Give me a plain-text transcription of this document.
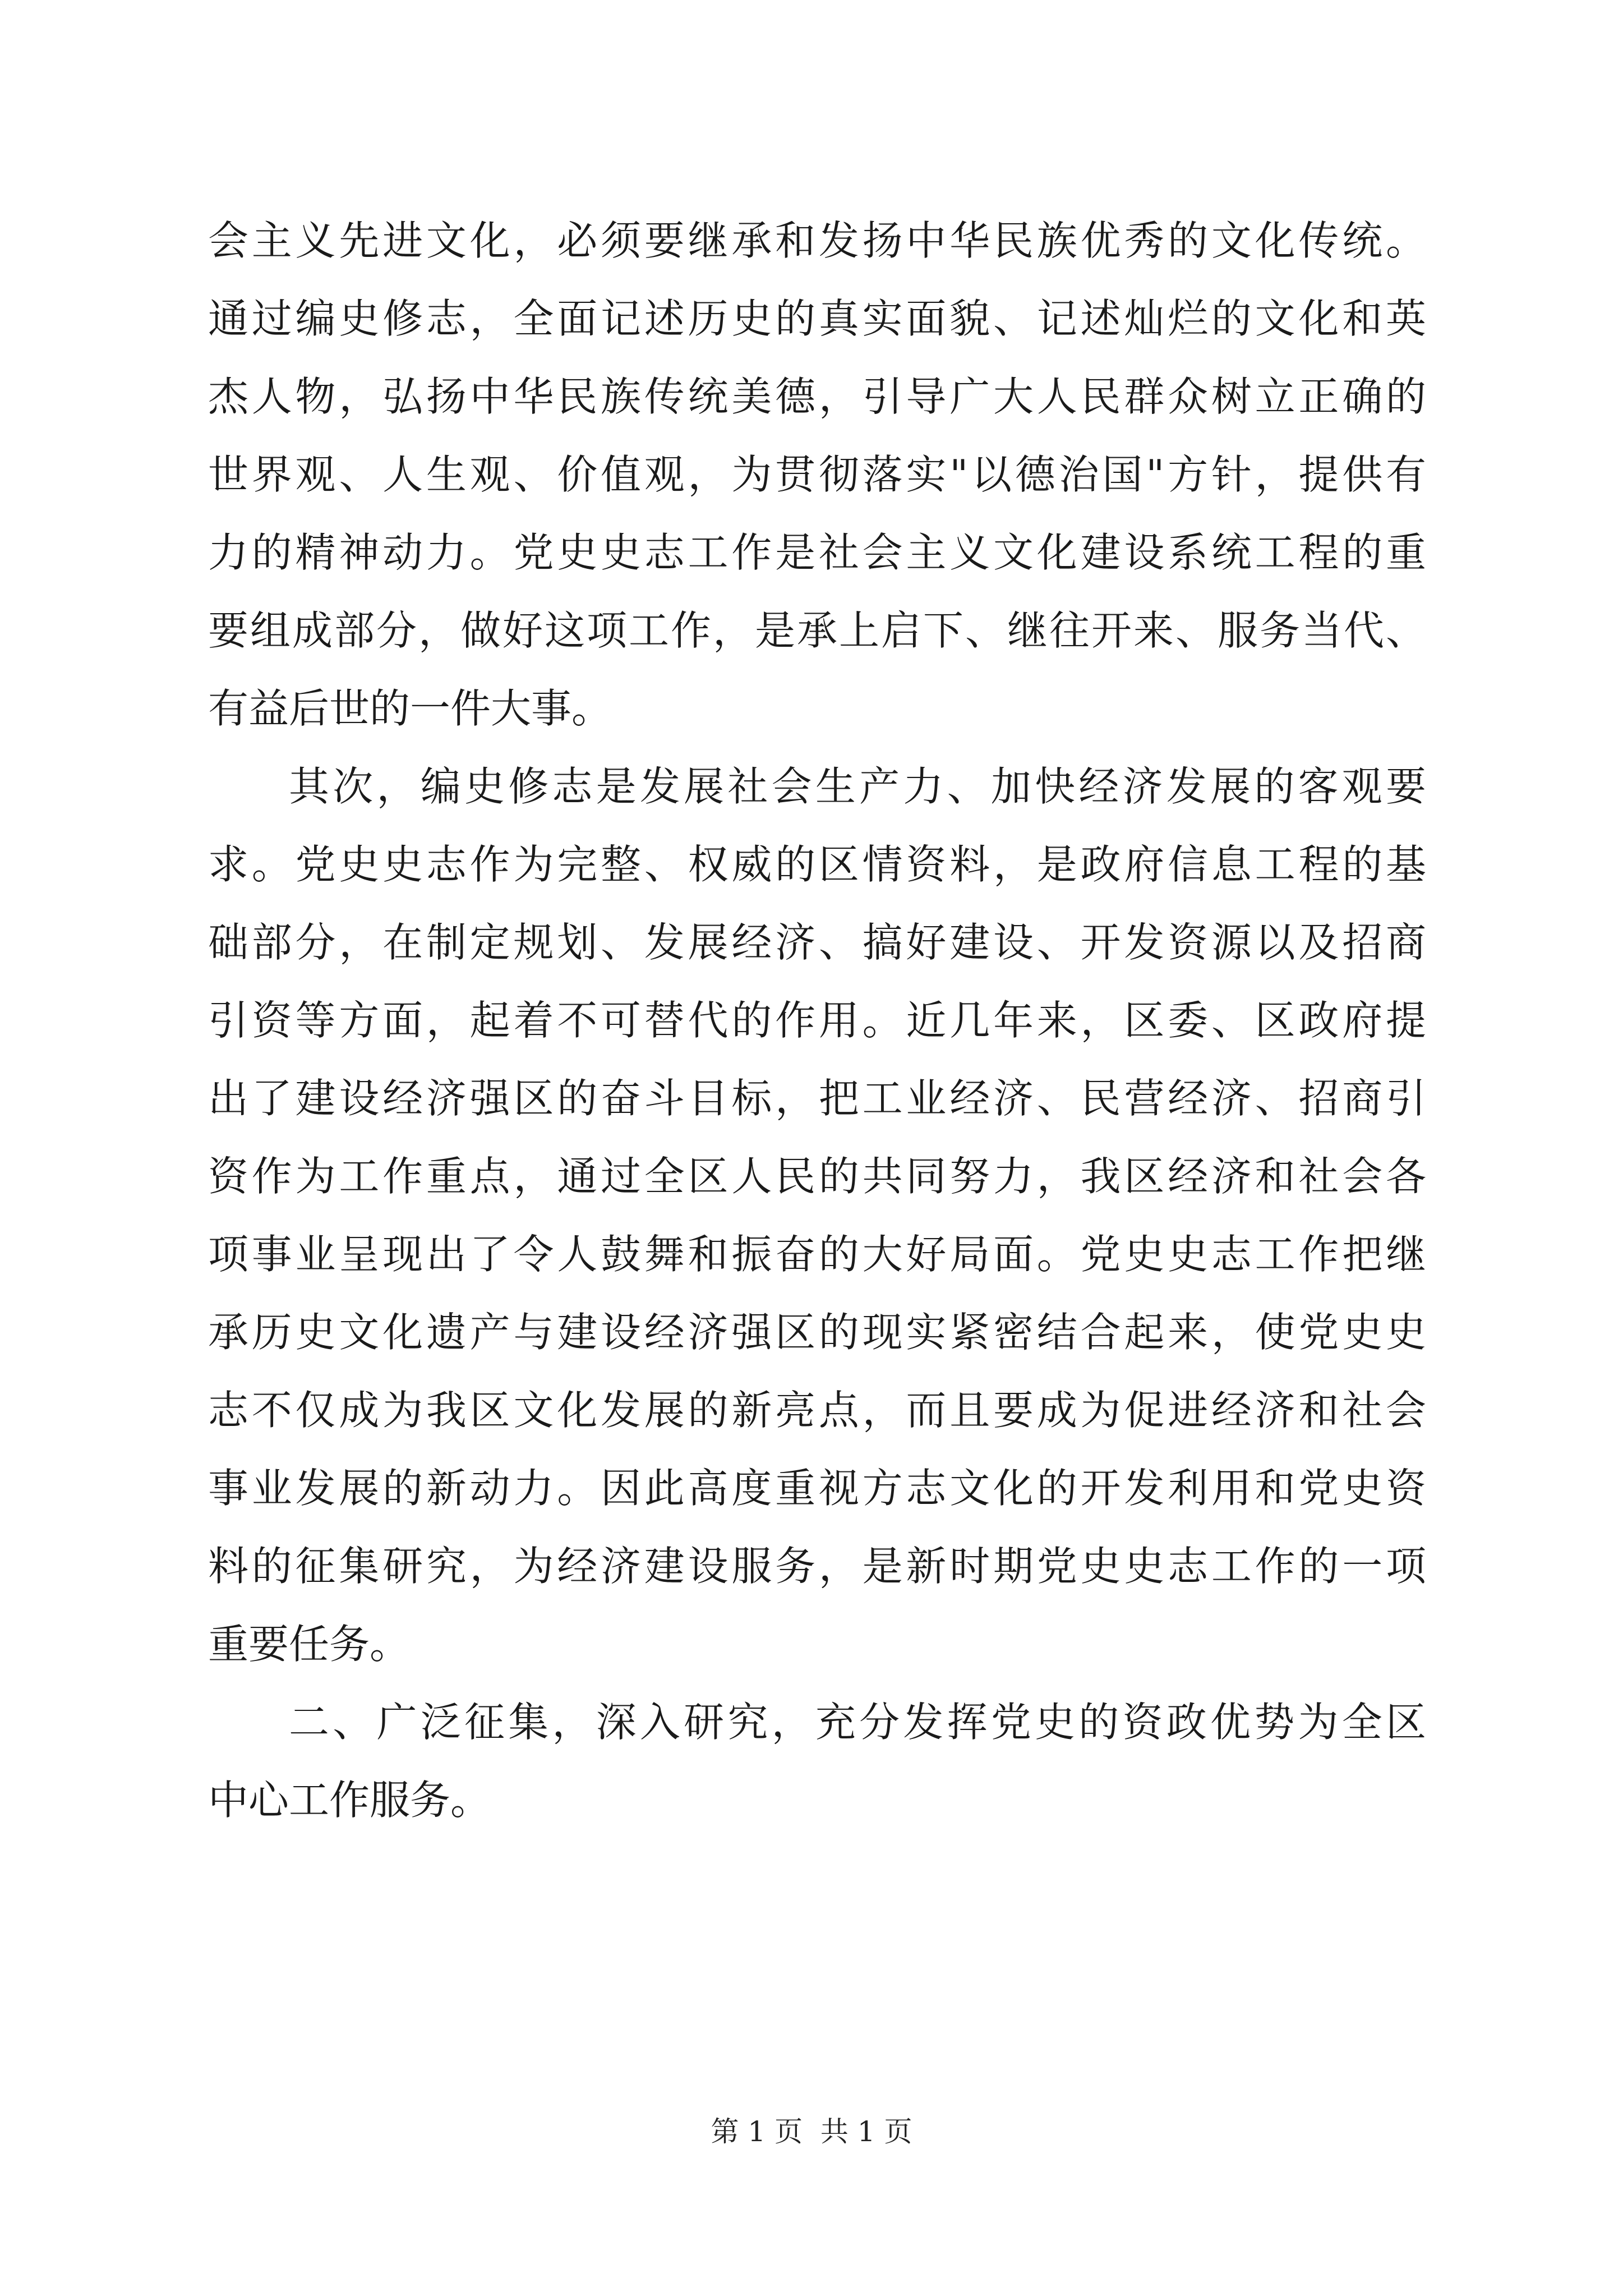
会主义先进文化，必须要继承和发扬中华民族优秀的文化传统。
通过编史修志，全面记述历史的真实面貌、记述灿烂的文化和英
杰人物，弘扬中华民族传统美德，引导广大人民群众树立正确的
世界观、人生观、价值观，为贯彻落实"以德治国"方针，提供有
力的精神动力。党史史志工作是社会主义文化建设系统工程的重
要组成部分，做好这项工作，是承上启下、继往开来、服务当代、
有益后世的一件大事。
其次，编史修志是发展社会生产力、加快经济发展的客观要
求。党史史志作为完整、权威的区情资料，是政府信息工程的基
础部分，在制定规划、发展经济、搞好建设、开发资源以及招商
引资等方面，起着不可替代的作用。近几年来，区委、区政府提
出了建设经济强区的奋斗目标，把工业经济、民营经济、招商引
资作为工作重点，通过全区人民的共同努力，我区经济和社会各
项事业呈现出了令人鼓舞和振奋的大好局面。党史史志工作把继
承历史文化遗产与建设经济强区的现实紧密结合起来，使党史史
志不仅成为我区文化发展的新亮点，而且要成为促进经济和社会
事业发展的新动力。因此高度重视方志文化的开发利用和党史资
料的征集研究，为经济建设服务，是新时期党史史志工作的一项
重要任务。
二、广泛征集，深入研究，充分发挥党史的资政优势为全区
中心工作服务。
第 1 页  共 1 页
